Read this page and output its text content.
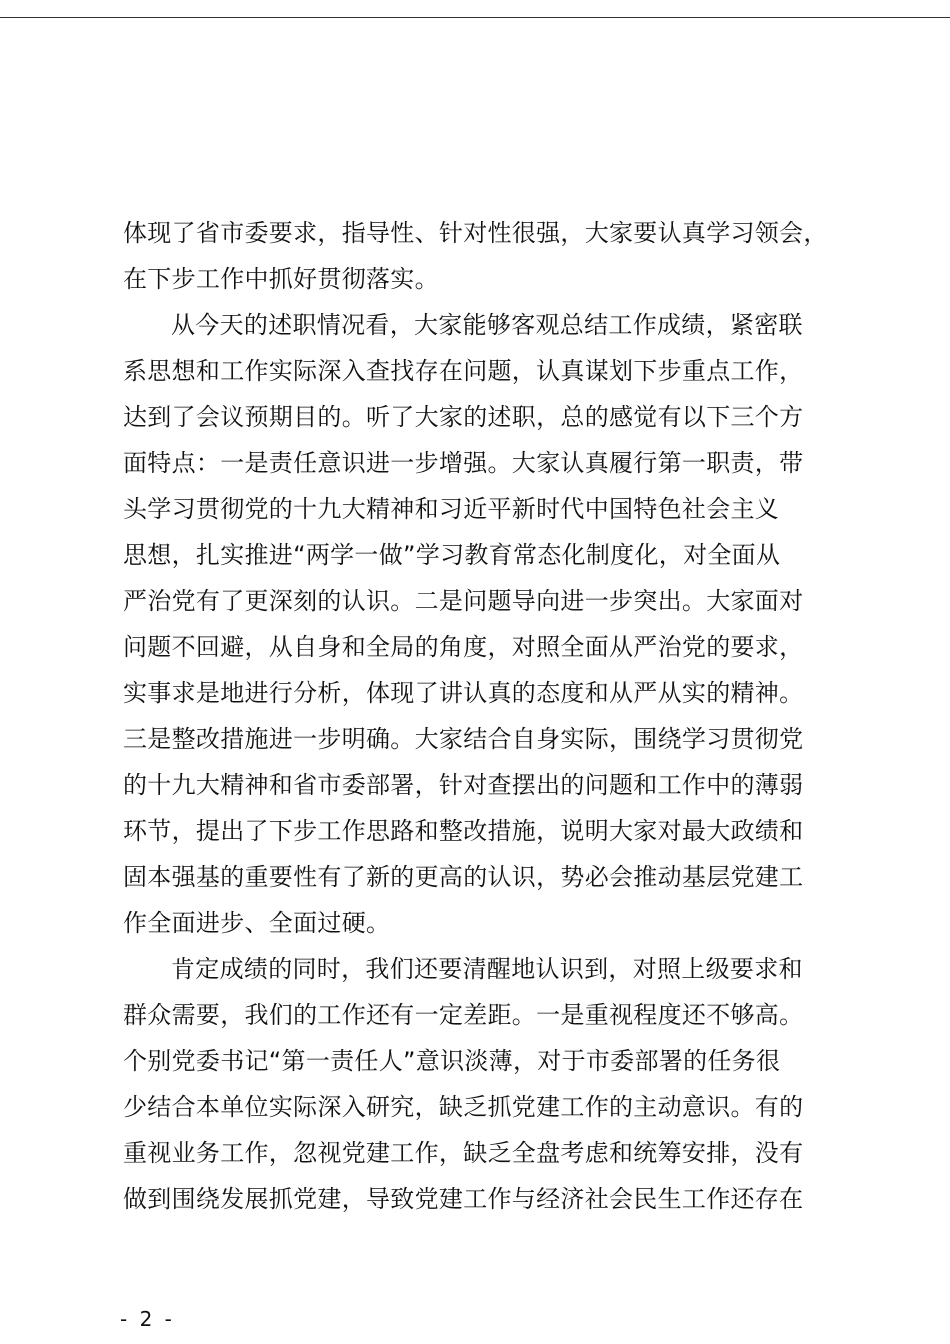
体现了省市委要求，指导性、针对性很强，大家要认真学习领会，
在下步工作中抓好贯彻落实。
从今天的述职情况看，大家能够客观总结工作成绩，紧密联
系思想和工作实际深入查找存在问题，认真谋划下步重点工作，
达到了会议预期目的。听了大家的述职，总的感觉有以下三个方
面特点：一是责任意识进一步增强。大家认真履行第一职责，带
头学习贯彻党的十九大精神和习近平新时代中国特色社会主义
思想，扎实推进“两学一做”学习教育常态化制度化，对全面从
严治党有了更深刻的认识。二是问题导向进一步突出。大家面对
问题不回避，从自身和全局的角度，对照全面从严治党的要求，
实事求是地进行分析，体现了讲认真的态度和从严从实的精神。
三是整改措施进一步明确。大家结合自身实际，围绕学习贯彻党
的十九大精神和省市委部署，针对查摆出的问题和工作中的薄弱
环节，提出了下步工作思路和整改措施，说明大家对最大政绩和
固本强基的重要性有了新的更高的认识，势必会推动基层党建工
作全面进步、全面过硬。
肯定成绩的同时，我们还要清醒地认识到，对照上级要求和
群众需要，我们的工作还有一定差距。一是重视程度还不够高。
个别党委书记“第一责任人”意识淡薄，对于市委部署的任务很
少结合本单位实际深入研究，缺乏抓党建工作的主动意识。有的
重视业务工作，忽视党建工作，缺乏全盘考虑和统筹安排，没有
做到围绕发展抓党建，导致党建工作与经济社会民生工作还存在
- 2 -
